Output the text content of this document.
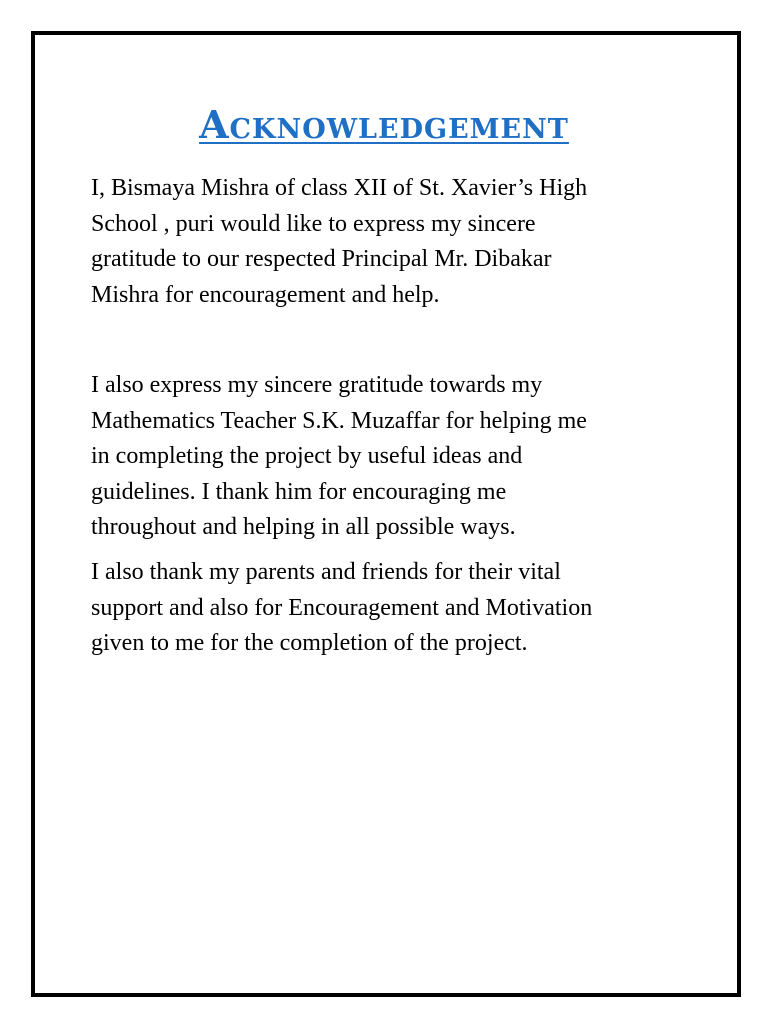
Acknowledgement

I, Bismaya Mishra of class XII of St. Xavier’s High
School , puri would like to express my sincere
gratitude to our respected Principal Mr. Dibakar
Mishra for encouragement and help.

I also express my sincere gratitude towards my
Mathematics Teacher S.K. Muzaffar for helping me
in completing the project by useful ideas and
guidelines. I thank him for encouraging me
throughout and helping in all possible ways.

I also thank my parents and friends for their vital
support and also for Encouragement and Motivation
given to me for the completion of the project.
